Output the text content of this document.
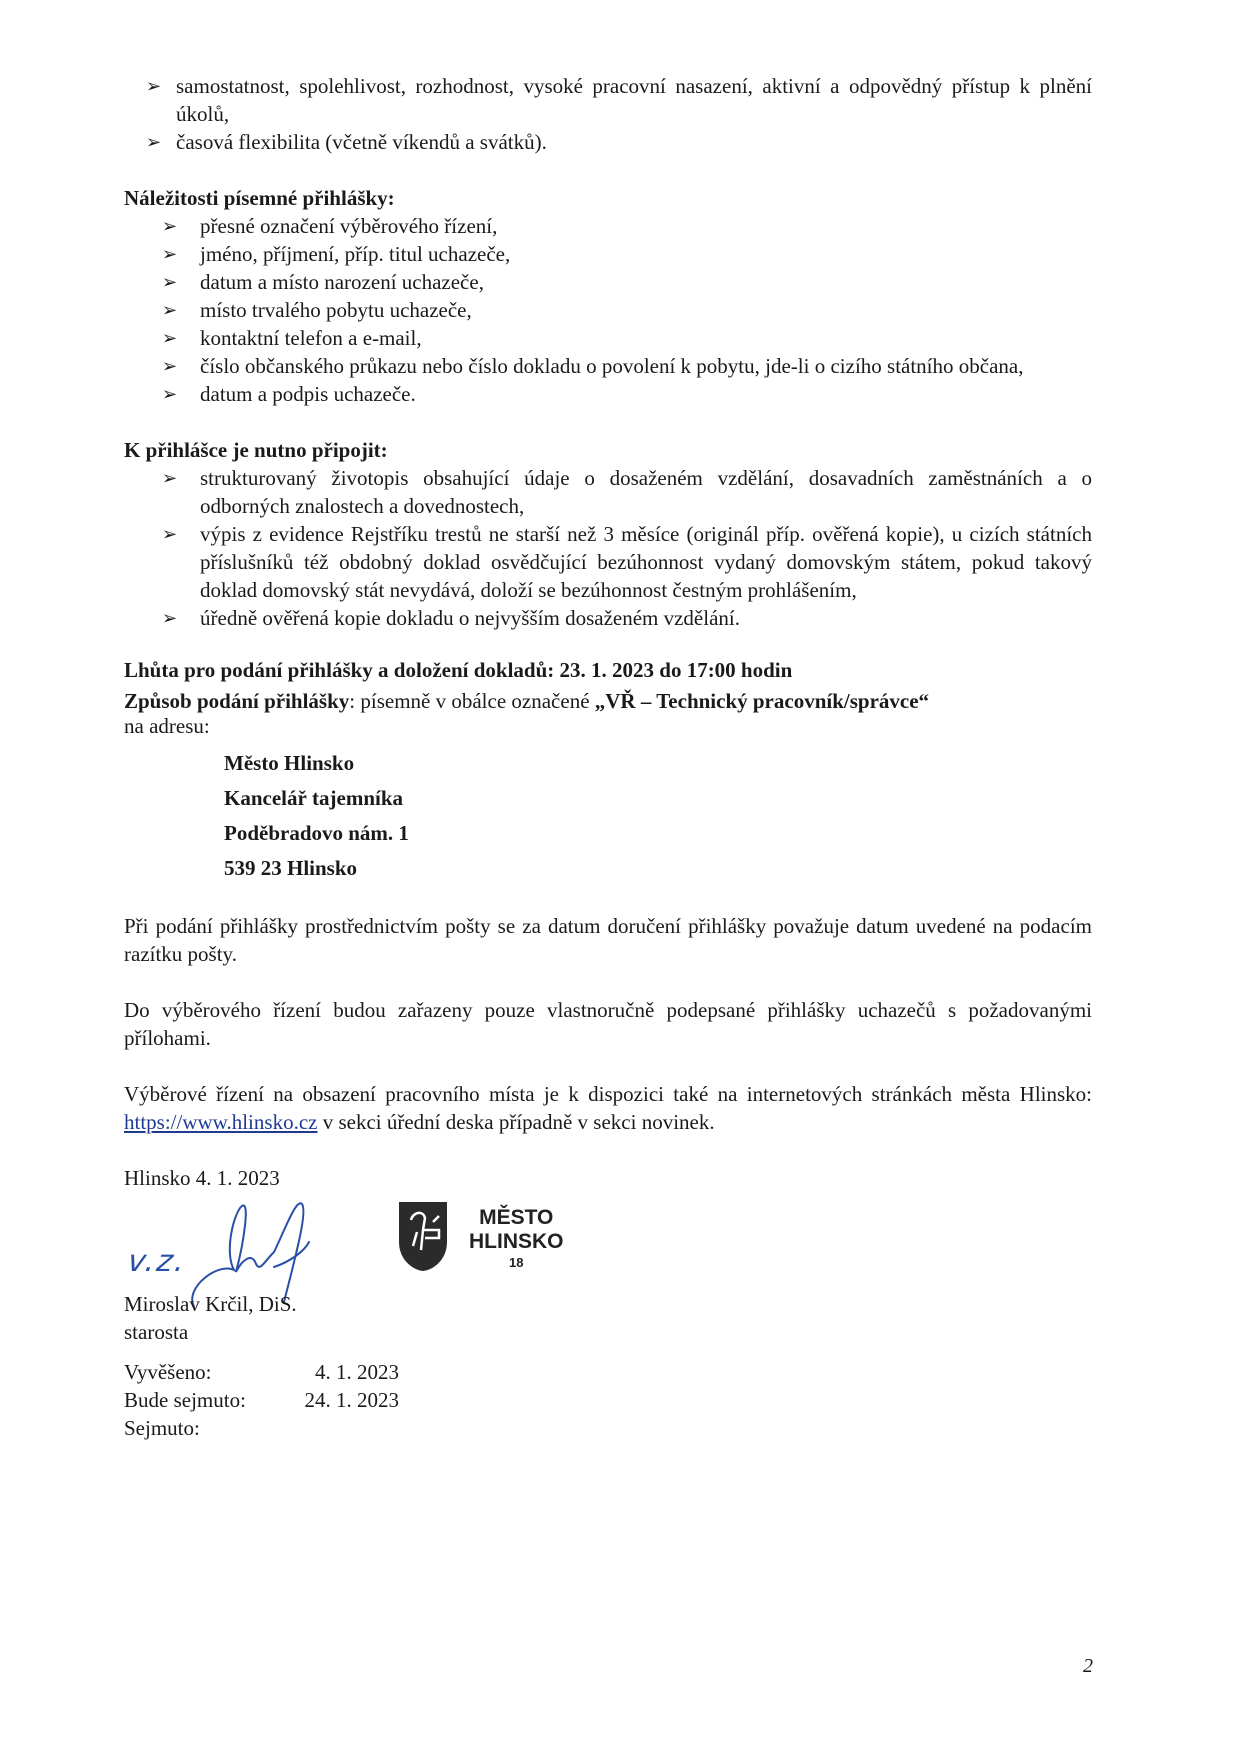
➢ samostatnost, spolehlivost, rozhodnost, vysoké pracovní nasazení, aktivní a odpovědný přístup k plnění úkolů,
➢ časová flexibilita (včetně víkendů a svátků).

Náležitosti písemné přihlášky:

➢ přesné označení výběrového řízení,
➢ jméno, příjmení, příp. titul uchazeče,
➢ datum a místo narození uchazeče,
➢ místo trvalého pobytu uchazeče,
➢ kontaktní telefon a e-mail,
➢ číslo občanského průkazu nebo číslo dokladu o povolení k pobytu, jde-li o cizího státního občana,
➢ datum a podpis uchazeče.

K přihlášce je nutno připojit:

➢ strukturovaný životopis obsahující údaje o dosaženém vzdělání, dosavadních zaměstnáních a o odborných znalostech a dovednostech,
➢ výpis z evidence Rejstříku trestů ne starší než 3 měsíce (originál příp. ověřená kopie), u cizích státních příslušníků též obdobný doklad osvědčující bezúhonnost vydaný domovským státem, pokud takový doklad domovský stát nevydává, doloží se bezúhonnost čestným prohlášením,
➢ úředně ověřená kopie dokladu o nejvyšším dosaženém vzdělání.

Lhůta pro podání přihlášky a doložení dokladů: 23. 1. 2023 do 17:00 hodin

Způsob podání přihlášky: písemně v obálce označené „VŘ – Technický pracovník/správce“

na adresu:

Město Hlinsko
Kancelář tajemníka
Poděbradovo nám. 1
539 23 Hlinsko

Při podání přihlášky prostřednictvím pošty se za datum doručení přihlášky považuje datum uvedené na podacím razítku pošty.

Do výběrového řízení budou zařazeny pouze vlastnoručně podepsané přihlášky uchazečů s požadovanými přílohami.

Výběrové řízení na obsazení pracovního místa je k dispozici také na internetových stránkách města Hlinsko: https://www.hlinsko.cz v sekci úřední deska případně v sekci novinek.

Hlinsko 4. 1. 2023

v.z.
MĚSTO
HLINSKO
18
Miroslav Krčil, DiS.
starosta
Vyvěšeno:	4. 1. 2023
Bude sejmuto:	24. 1. 2023
Sejmuto:
2
